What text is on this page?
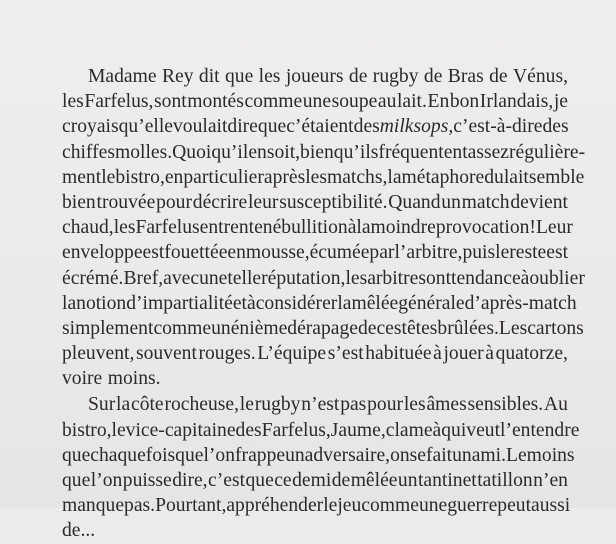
Madame Rey dit que les joueurs de rugby de Bras de Vénus,
les Farfelus, sont montés comme une soupe au lait. En bon Irlandais, je
croyais qu’elle voulait dire que c’étaient des milksops, c’est-à-dire des
chiffes molles. Quoi qu’il en soit, bien qu’ils fréquentent assez régulière-
ment le bistro, en particulier après les matchs, la métaphore du lait semble
bien trouvée pour décrire leur susceptibilité. Quand un match devient
chaud, les Farfelus entrent en ébullition à la moindre provocation ! Leur
enveloppe est fouettée en mousse, écumée par l’arbitre, puis le reste est
écrémé. Bref, avec une telle réputation, les arbitres ont tendance à oublier
la notion d’impartialité et à considérer la mêlée générale d’après-match
simplement comme un énième dérapage de ces têtes brûlées. Les cartons
pleuvent, souvent rouges. L’équipe s’est habituée à jouer à quatorze,
voire moins.
Sur la côte rocheuse, le rugby n’est pas pour les âmes sensibles. Au
bistro, le vice-capitaine des Farfelus, Jaume, clame à qui veut l’entendre
que chaque fois que l’on frappe un adversaire, on se fait un ami. Le moins
que l’on puisse dire, c’est que ce demi de mêlée un tantinet tatillon n’en
manque pas. Pourtant, appréhender le jeu comme une guerre peut aussi
de...
